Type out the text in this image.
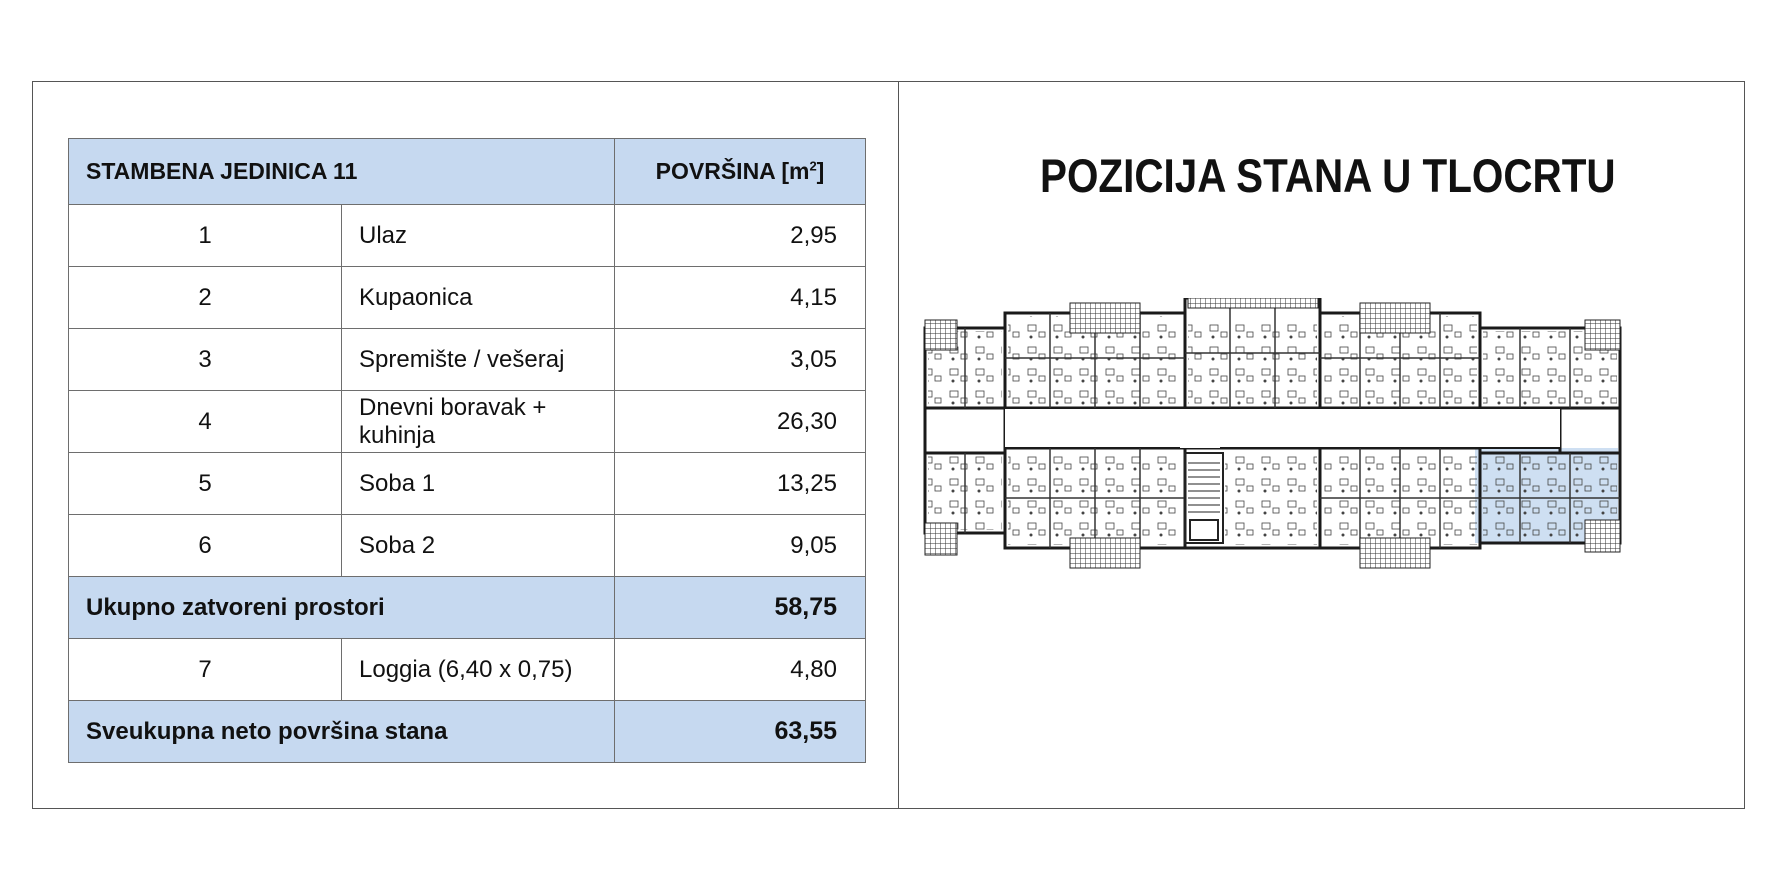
STAMBENA JEDINICA 11		POVRŠINA $[m^2]$
1	Ulaz	2,95
2	Kupaonica	4,15
3	Spremište / vešeraj	3,05
4	Dnevni boravak + kuhinja	26,30
5	Soba 1	13,25
6	Soba 2	9,05
Ukupno zatvoreni prostori		58,75
7	Loggia (6,40 x 0,75)	4,80
Sveukupna neto površina stana		63,55
POZICIJA STANA U TLOCRTU
